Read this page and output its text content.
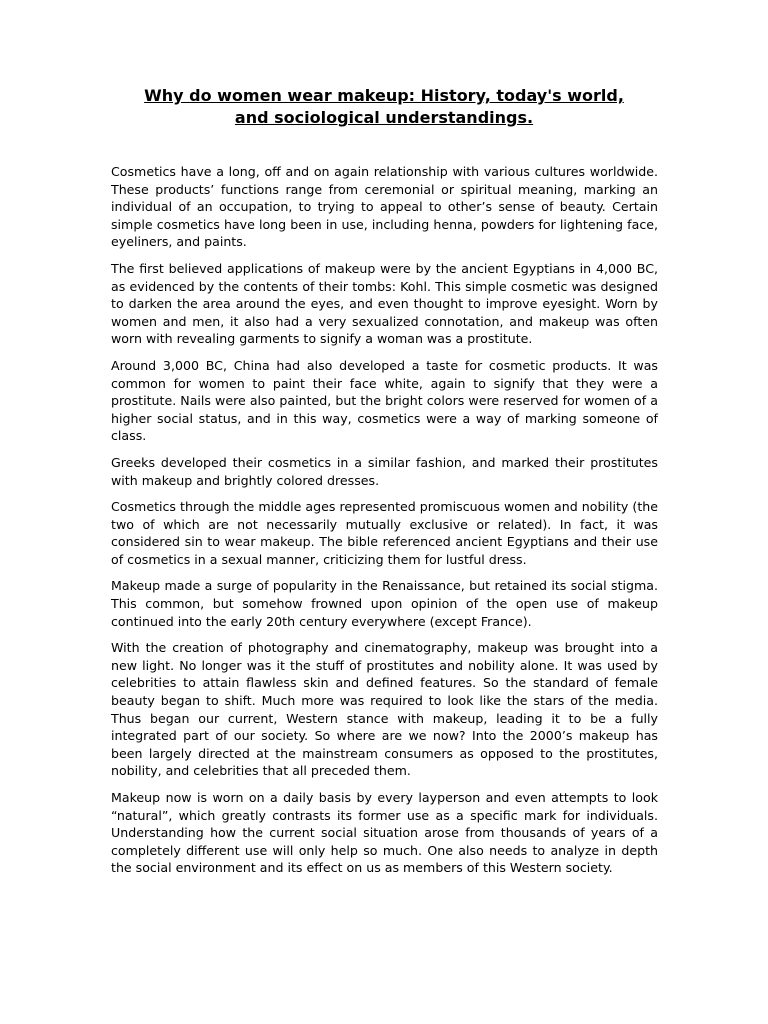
Why do women wear makeup: History, today's world,
and sociological understandings.

Cosmetics have a long, off and on again relationship with various cultures worldwide. These products’ functions range from ceremonial or spiritual meaning, marking an individual of an occupation, to trying to appeal to other’s sense of beauty. Certain simple cosmetics have long been in use, including henna, powders for lightening face, eyeliners, and paints.

The first believed applications of makeup were by the ancient Egyptians in 4,000 BC, as evidenced by the contents of their tombs: Kohl. This simple cosmetic was designed to darken the area around the eyes, and even thought to improve eyesight. Worn by women and men, it also had a very sexualized connotation, and makeup was often worn with revealing garments to signify a woman was a prostitute.

Around 3,000 BC, China had also developed a taste for cosmetic products. It was common for women to paint their face white, again to signify that they were a prostitute. Nails were also painted, but the bright colors were reserved for women of a higher social status, and in this way, cosmetics were a way of marking someone of class.

Greeks developed their cosmetics in a similar fashion, and marked their prostitutes with makeup and brightly colored dresses.

Cosmetics through the middle ages represented promiscuous women and nobility (the two of which are not necessarily mutually exclusive or related). In fact, it was considered sin to wear makeup. The bible referenced ancient Egyptians and their use of cosmetics in a sexual manner, criticizing them for lustful dress.

Makeup made a surge of popularity in the Renaissance, but retained its social stigma. This common, but somehow frowned upon opinion of the open use of makeup continued into the early 20th century everywhere (except France).

With the creation of photography and cinematography, makeup was brought into a new light. No longer was it the stuff of prostitutes and nobility alone. It was used by celebrities to attain flawless skin and defined features. So the standard of female beauty began to shift. Much more was required to look like the stars of the media. Thus began our current, Western stance with makeup, leading it to be a fully integrated part of our society. So where are we now? Into the 2000’s makeup has been largely directed at the mainstream consumers as opposed to the prostitutes, nobility, and celebrities that all preceded them.

Makeup now is worn on a daily basis by every layperson and even attempts to look “natural”, which greatly contrasts its former use as a specific mark for individuals. Understanding how the current social situation arose from thousands of years of a completely different use will only help so much. One also needs to analyze in depth the social environment and its effect on us as members of this Western society.
